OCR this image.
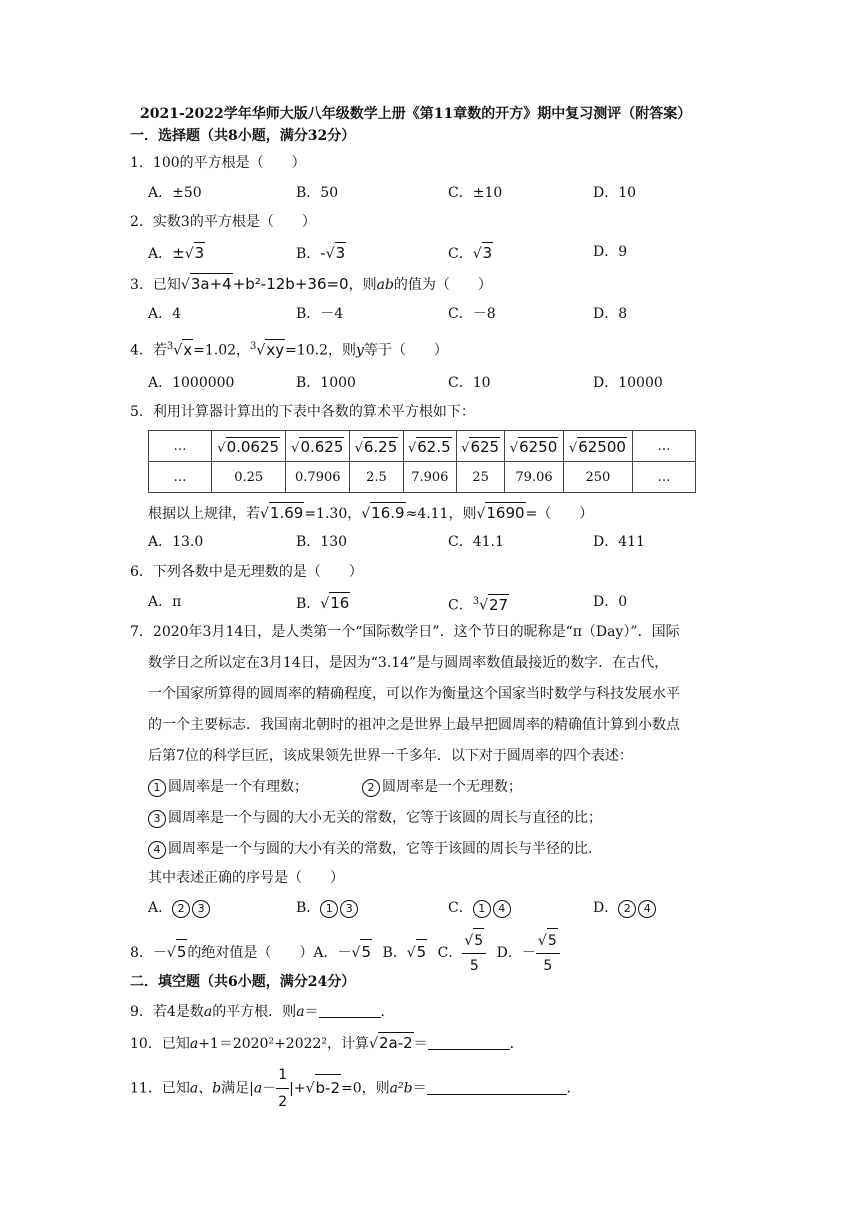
2021-2022学年华师大版八年级数学上册《第11章数的开方》期中复习测评（附答案）
一．选择题（共8小题，满分32分）
1．100的平方根是（　　）
A．±50	B．50	C．±10	D．10
2．实数3的平方根是（　　）
A．±√3	B．-√3	C．√3	D．9
3．已知√3a+4+b²-12b+36=0，则ab的值为（　　）
A．4	B．－4	C．－8	D．8
4．若$^3$√x=1.02，$^3$√xy=10.2，则y等于（　　）
A．1000000	B．1000	C．10	D．10000
5．利用计算器计算出的下表中各数的算术平方根如下：
…	√0.0625	√0.625	√6.25	√62.5	√625	√6250	√62500	…
…	0.25	0.7906	2.5	7.906	25	79.06	250	…
根据以上规律，若√1.69=1.30，√16.9≈4.11，则√1690=（　　）
A．13.0	B．130	C．41.1	D．411
6．下列各数中是无理数的是（　　）
A．π	B．√16	C．$^3$√27	D．0
7．2020年3月14日，是人类第一个“国际数学日”．这个节日的昵称是“π（Day）”．国际
数学日之所以定在3月14日，是因为“3.14”是与圆周率数值最接近的数字．在古代，
一个国家所算得的圆周率的精确程度，可以作为衡量这个国家当时数学与科技发展水平
的一个主要标志．我国南北朝时的祖冲之是世界上最早把圆周率的精确值计算到小数点
后第7位的科学巨匠，该成果领先世界一千多年．以下对于圆周率的四个表述：
1 圆周率是一个有理数；	2 圆周率是一个无理数；
3 圆周率是一个与圆的大小无关的常数，它等于该圆的周长与直径的比；
4 圆周率是一个与圆的大小有关的常数，它等于该圆的周长与半径的比．
其中表述正确的序号是（　　）
A． 2 3	B． 1 3	C． 1 4	D． 2 4
8．－√5的绝对值是（　　）A．－√5 B．√5 C． $\frac{√5}{5}$ D．－ $\frac{√5}{5}$
二．填空题（共6小题，满分24分）
9．若4是数a的平方根．则a＝	．
10．已知a+1＝2020²+2022²，计算√2a-2＝	．
11．已知a、b满足$|a- \frac{1}{2} |+√b-2=0$，则a²b＝	．
